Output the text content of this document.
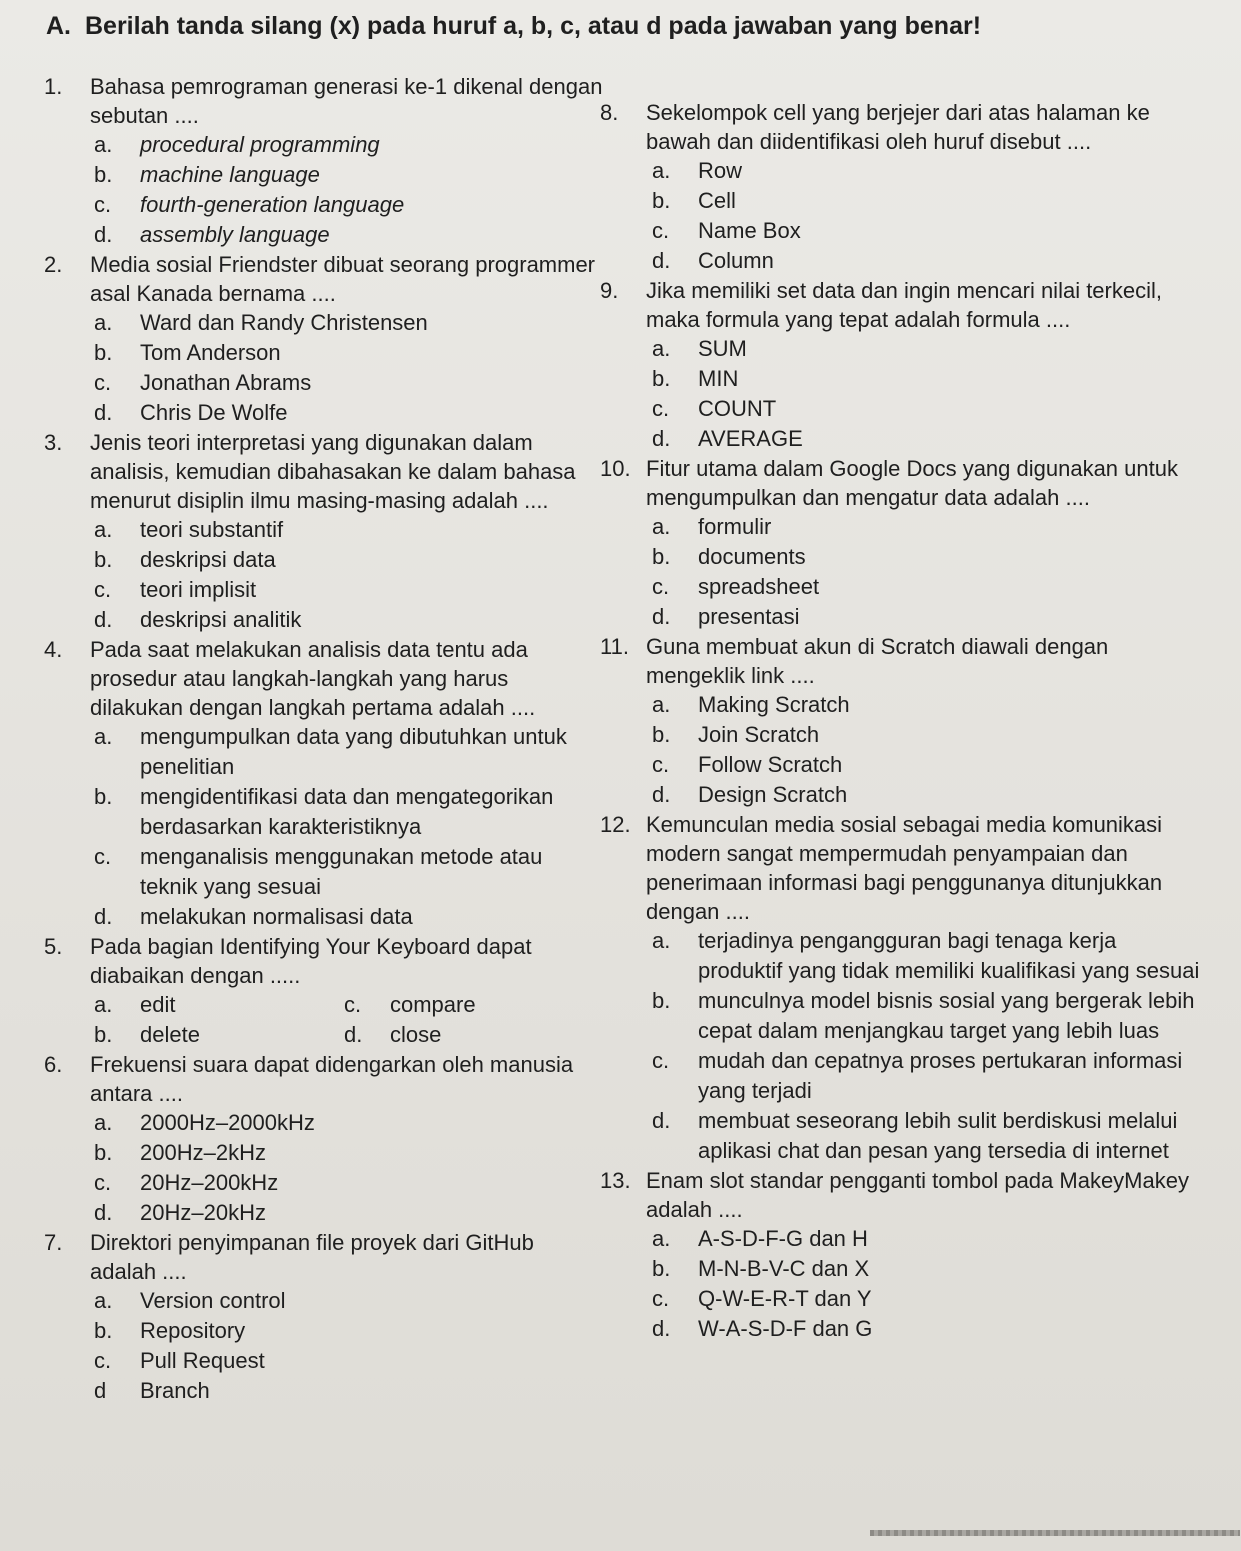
A. Berilah tanda silang (x) pada huruf a, b, c, atau d pada jawaban yang benar!
1.	Bahasa pemrograman generasi ke-1 dikenal dengan sebutan ....
a.	procedural programming
b.	machine language
c.	fourth-generation language
d.	assembly language
2.	Media sosial Friendster dibuat seorang programmer asal Kanada bernama ....
a.	Ward dan Randy Christensen
b.	Tom Anderson
c.	Jonathan Abrams
d.	Chris De Wolfe
3.	Jenis teori interpretasi yang digunakan dalam analisis, kemudian dibahasakan ke dalam bahasa menurut disiplin ilmu masing-masing adalah ....
a.	teori substantif
b.	deskripsi data
c.	teori implisit
d.	deskripsi analitik
4.	Pada saat melakukan analisis data tentu ada prosedur atau langkah-langkah yang harus dilakukan dengan langkah pertama adalah ....
a.	mengumpulkan data yang dibutuhkan untuk penelitian
b.	mengidentifikasi data dan mengategorikan berdasarkan karakteristiknya
c.	menganalisis menggunakan metode atau teknik yang sesuai
d.	melakukan normalisasi data
5.	Pada bagian Identifying Your Keyboard dapat diabaikan dengan .....
a.	edit	c.	compare
b.	delete	d.	close
6.	Frekuensi suara dapat didengarkan oleh manusia antara ....
a.	2000Hz–2000kHz
b.	200Hz–2kHz
c.	20Hz–200kHz
d.	20Hz–20kHz
7.	Direktori penyimpanan file proyek dari GitHub adalah ....
a.	Version control
b.	Repository
c.	Pull Request
d	Branch
8.	Sekelompok cell yang berjejer dari atas halaman ke bawah dan diidentifikasi oleh huruf disebut ....
a.	Row
b.	Cell
c.	Name Box
d.	Column
9.	Jika memiliki set data dan ingin mencari nilai terkecil, maka formula yang tepat adalah formula ....
a.	SUM
b.	MIN
c.	COUNT
d.	AVERAGE
10. Fitur utama dalam Google Docs yang digunakan untuk mengumpulkan dan mengatur data adalah ....
a.	formulir
b.	documents
c.	spreadsheet
d.	presentasi
11. Guna membuat akun di Scratch diawali dengan mengeklik link ....
a.	Making Scratch
b.	Join Scratch
c.	Follow Scratch
d.	Design Scratch
12. Kemunculan media sosial sebagai media komunikasi modern sangat mempermudah penyampaian dan penerimaan informasi bagi penggunanya ditunjukkan dengan ....
a.	terjadinya pengangguran bagi tenaga kerja produktif yang tidak memiliki kualifikasi yang sesuai
b.	munculnya model bisnis sosial yang bergerak lebih cepat dalam menjangkau target yang lebih luas
c.	mudah dan cepatnya proses pertukaran informasi yang terjadi
d.	membuat seseorang lebih sulit berdiskusi melalui aplikasi chat dan pesan yang tersedia di internet
13. Enam slot standar pengganti tombol pada MakeyMakey adalah ....
a.	A-S-D-F-G dan H
b.	M-N-B-V-C dan X
c.	Q-W-E-R-T dan Y
d.	W-A-S-D-F dan G
